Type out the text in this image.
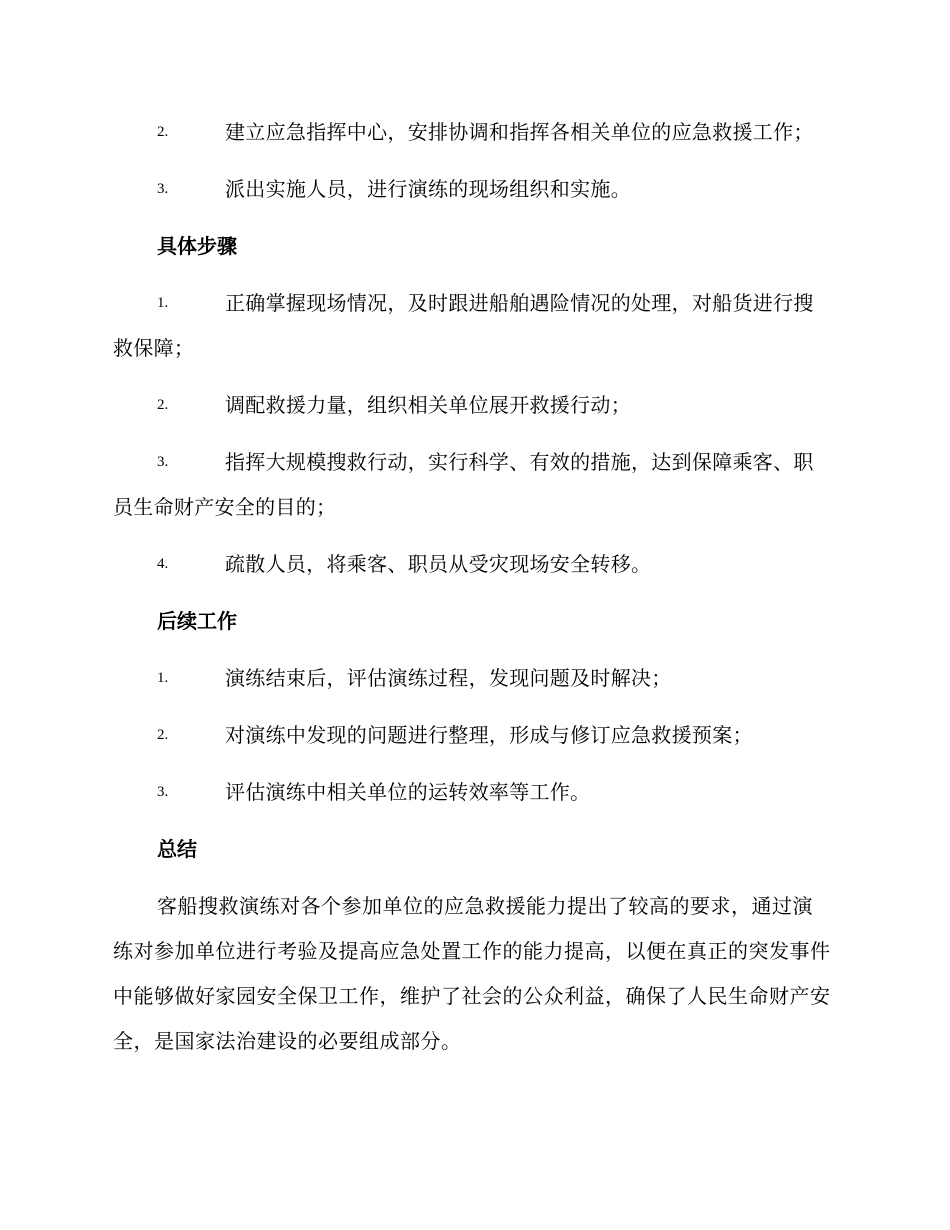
2.	建立应急指挥中心，安排协调和指挥各相关单位的应急救援工作；
3.	派出实施人员，进行演练的现场组织和实施。
具体步骤
1.	正确掌握现场情况，及时跟进船舶遇险情况的处理，对船货进行搜救保障；
2.	调配救援力量，组织相关单位展开救援行动；
3.	指挥大规模搜救行动，实行科学、有效的措施，达到保障乘客、职员生命财产安全的目的；
4.	疏散人员，将乘客、职员从受灾现场安全转移。
后续工作
1.	演练结束后，评估演练过程，发现问题及时解决；
2.	对演练中发现的问题进行整理，形成与修订应急救援预案；
3.	评估演练中相关单位的运转效率等工作。
总结

客船搜救演练对各个参加单位的应急救援能力提出了较高的要求，通过演练对参加单位进行考验及提高应急处置工作的能力提高，以便在真正的突发事件中能够做好家园安全保卫工作，维护了社会的公众利益，确保了人民生命财产安全，是国家法治建设的必要组成部分。
